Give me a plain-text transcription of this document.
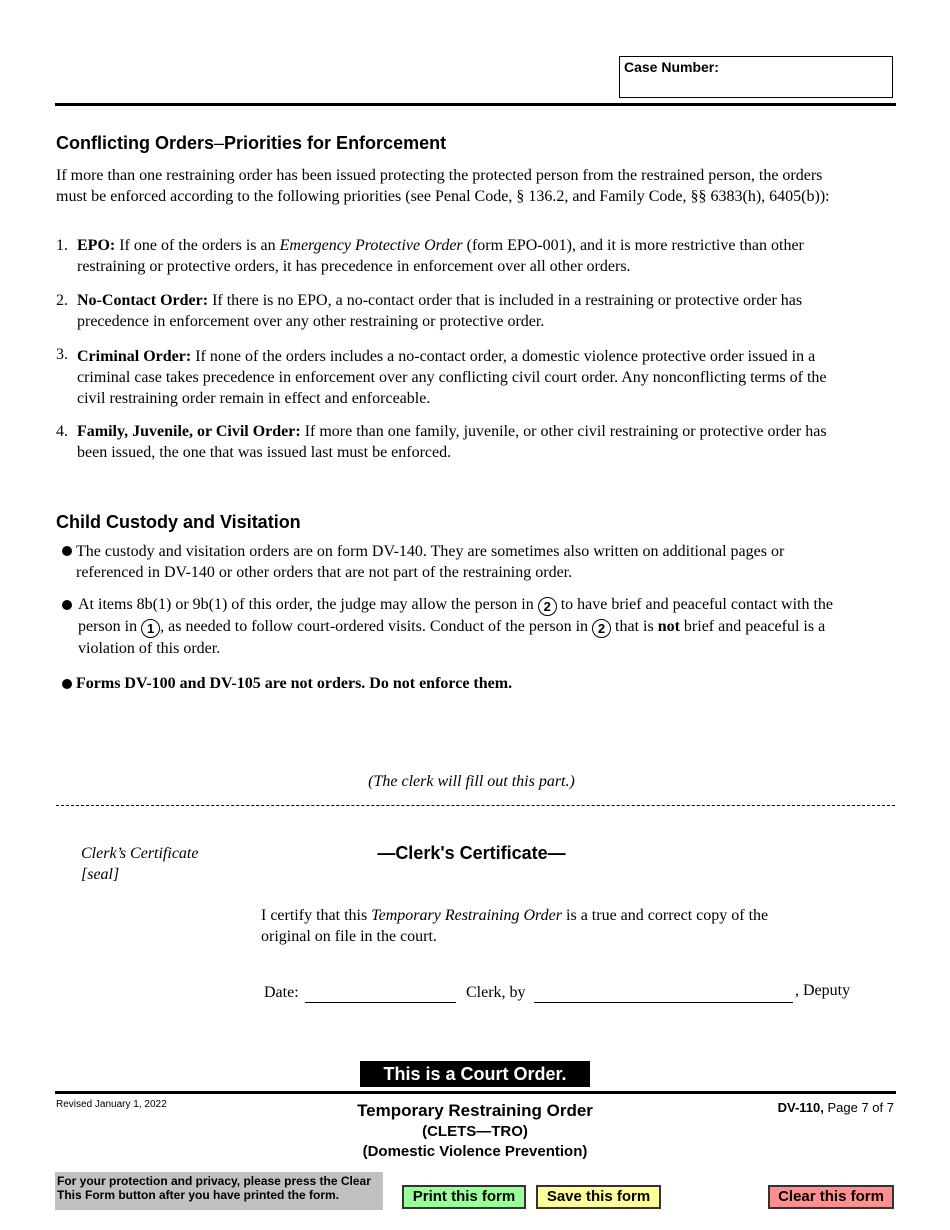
Case Number:
Conflicting Orders–Priorities for Enforcement
If more than one restraining order has been issued protecting the protected person from the restrained person, the orders
must be enforced according to the following priorities (see Penal Code, § 136.2, and Family Code, §§ 6383(h), 6405(b)):
1. EPO: If one of the orders is an Emergency Protective Order (form EPO-001), and it is more restrictive than other
restraining or protective orders, it has precedence in enforcement over all other orders.
2. No-Contact Order: If there is no EPO, a no-contact order that is included in a restraining or protective order has
precedence in enforcement over any other restraining or protective order.
3. Criminal Order: If none of the orders includes a no-contact order, a domestic violence protective order issued in a
criminal case takes precedence in enforcement over any conflicting civil court order. Any nonconflicting terms of the
civil restraining order remain in effect and enforceable.
4. Family, Juvenile, or Civil Order: If more than one family, juvenile, or other civil restraining or protective order has
been issued, the one that was issued last must be enforced.
Child Custody and Visitation
The custody and visitation orders are on form DV-140. They are sometimes also written on additional pages or
referenced in DV-140 or other orders that are not part of the restraining order.
At items 8b(1) or 9b(1) of this order, the judge may allow the person in 2 to have brief and peaceful contact with the
person in 1 , as needed to follow court-ordered visits. Conduct of the person in 2 that is not brief and peaceful is a
violation of this order.
Forms DV-100 and DV-105 are not orders. Do not enforce them.
(The clerk will fill out this part.)
Clerk’s Certificate
[seal]
—Clerk's Certificate—
I certify that this Temporary Restraining Order is a true and correct copy of the
original on file in the court.
Date:	Clerk, by	, Deputy
This is a Court Order.
Revised January 1, 2022	Temporary Restraining Order
(CLETS—TRO)
(Domestic Violence Prevention)
DV-110, Page 7 of 7
For your protection and privacy, please press the Clear This Form button after you have printed the form.	Print this form	Save this form	Clear this form
